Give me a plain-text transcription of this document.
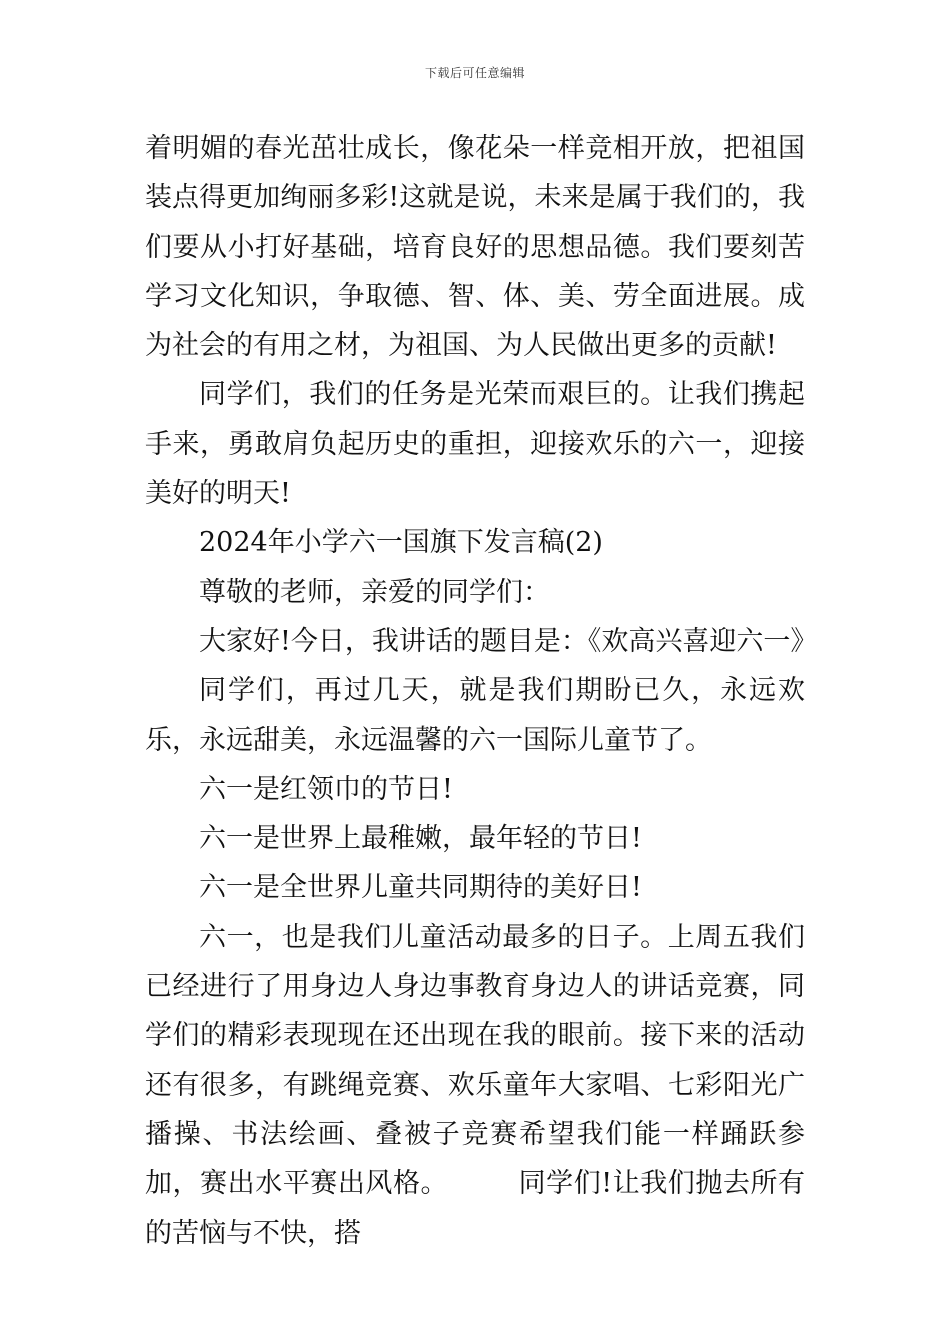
下载后可任意编辑

着明媚的春光茁壮成长，像花朵一样竞相开放，把祖国装点得更加绚丽多彩!这就是说，未来是属于我们的，我们要从小打好基础，培育良好的思想品德。我们要刻苦学习文化知识，争取德、智、体、美、劳全面进展。成为社会的有用之材，为祖国、为人民做出更多的贡献!

同学们，我们的任务是光荣而艰巨的。让我们携起手来，勇敢肩负起历史的重担，迎接欢乐的六一，迎接美好的明天!

2024年小学六一国旗下发言稿(2)

尊敬的老师，亲爱的同学们：

大家好!今日，我讲话的题目是：《欢高兴喜迎六一》

同学们，再过几天，就是我们期盼已久，永远欢乐，永远甜美，永远温馨的六一国际儿童节了。

六一是红领巾的节日!

六一是世界上最稚嫩，最年轻的节日!

六一是全世界儿童共同期待的美好日!

六一，也是我们儿童活动最多的日子。上周五我们已经进行了用身边人身边事教育身边人的讲话竞赛，同学们的精彩表现现在还出现在我的眼前。接下来的活动还有很多，有跳绳竞赛、欢乐童年大家唱、七彩阳光广播操、书法绘画、叠被子竞赛希望我们能一样踊跃参加，赛出水平赛出风格。	同学们!让我们抛去所有的苦恼与不快，搭
